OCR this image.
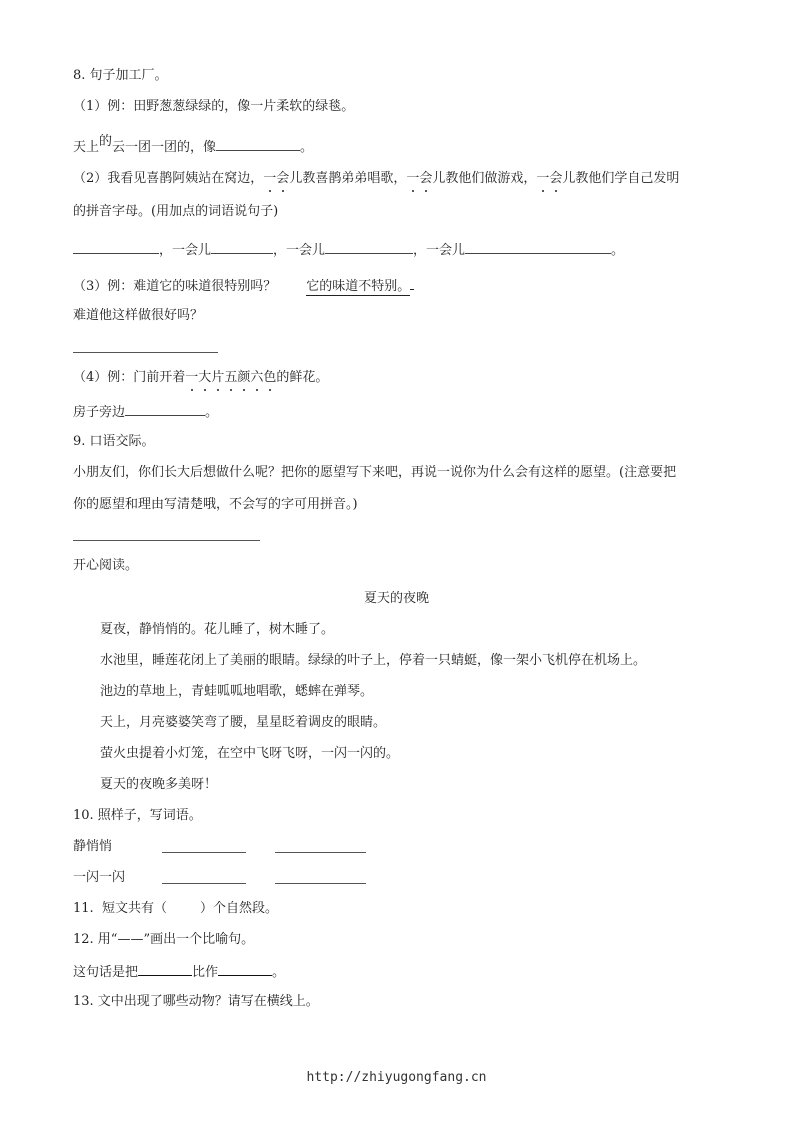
8. 句子加工厂。
（1）例：田野葱葱绿绿的，像一片柔软的绿毯。
天上的云一团一团的，像	。
（2）我看见喜鹊阿姨站在窝边，一会儿教喜鹊弟弟唱歌，一会儿教他们做游戏，一会儿教他们学自己发明
的拼音字母。(用加点的词语说句子)
，一会儿	，一会儿	，一会儿	。
（3）例：难道它的味道很特别吗？ 它的味道不特别。
难道他这样做很好吗？
（4）例：门前开着一大片五颜六色的鲜花。
房子旁边	。
9. 口语交际。
小朋友们，你们长大后想做什么呢？把你的愿望写下来吧，再说一说你为什么会有这样的愿望。(注意要把
你的愿望和理由写清楚哦，不会写的字可用拼音。)
开心阅读。
夏天的夜晚
夏夜，静悄悄的。花儿睡了，树木睡了。
水池里，睡莲花闭上了美丽的眼睛。绿绿的叶子上，停着一只蜻蜓，像一架小飞机停在机场上。
池边的草地上，青蛙呱呱地唱歌，蟋蟀在弹琴。
天上，月亮婆婆笑弯了腰，星星眨着调皮的眼睛。
萤火虫提着小灯笼，在空中飞呀飞呀，一闪一闪的。
夏天的夜晚多美呀！
10. 照样子，写词语。
静悄悄
一闪一闪
11.  短文共有（        ）个自然段。
12. 用“——”画出一个比喻句。
这句话是把	比作	。
13. 文中出现了哪些动物？请写在横线上。
http://zhiyugongfang.cn
